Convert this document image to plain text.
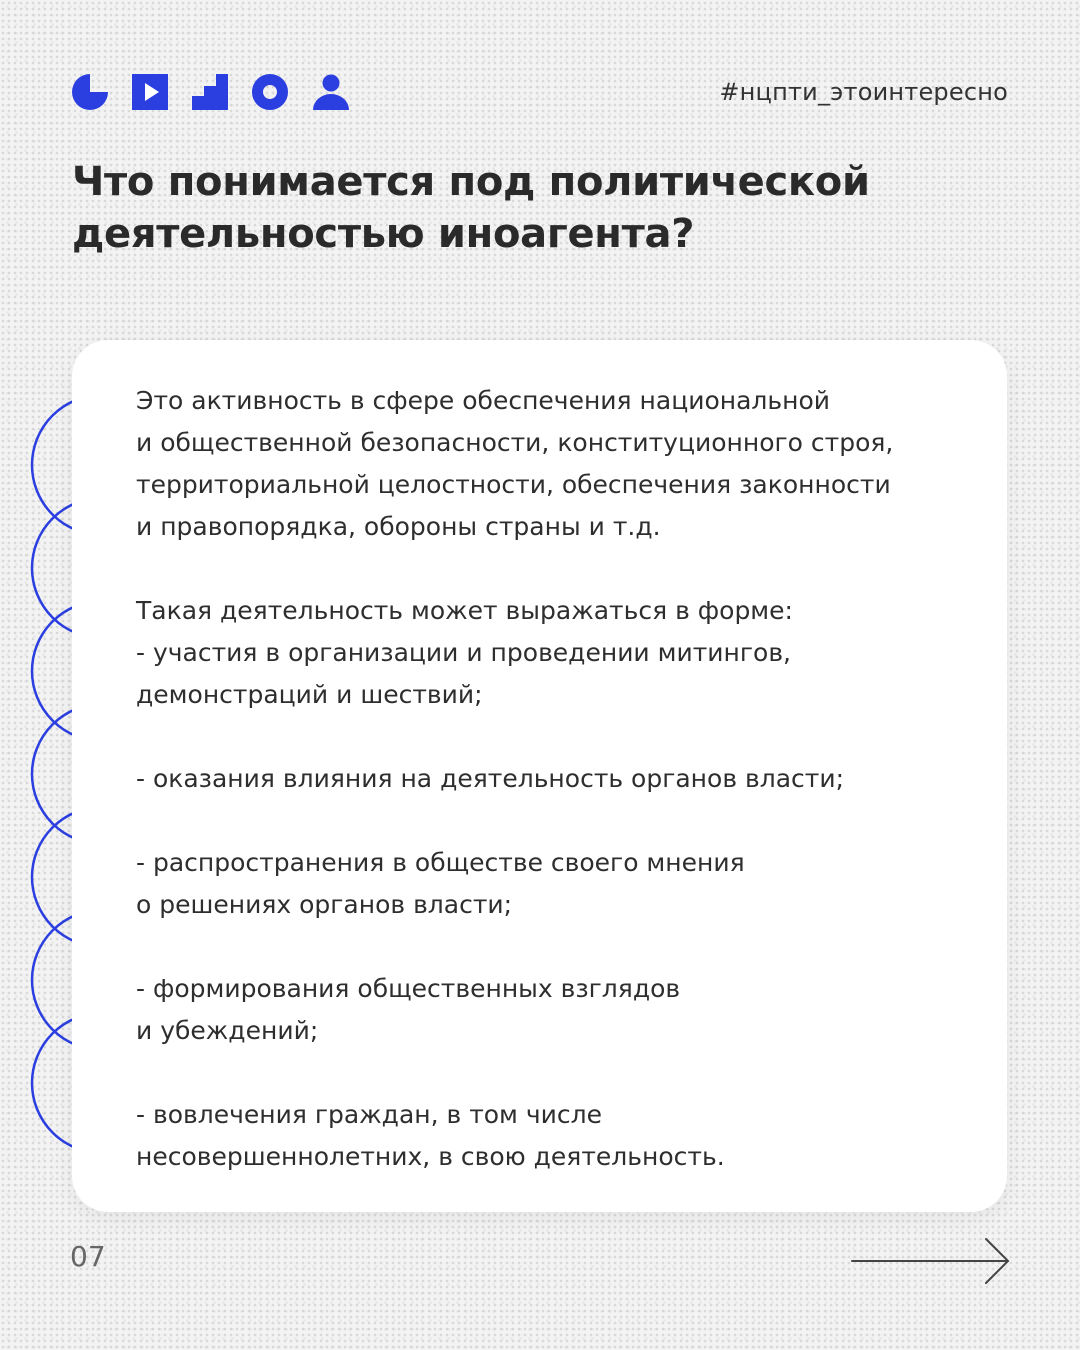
#нцпти_этоинтересно
Что понимается под политической деятельностью иноагента?

Это активность в сфере обеспечения национальной
и общественной безопасности, конституционного строя,
территориальной целостности, обеспечения законности
и правопорядка, обороны страны и т.д.

Такая деятельность может выражаться в форме:
- участия в организации и проведении митингов,
демонстраций и шествий;

- оказания влияния на деятельность органов власти;

- распространения в обществе своего мнения
о решениях органов власти;

- формирования общественных взглядов
и убеждений;

- вовлечения граждан, в том числе
несовершеннолетних, в свою деятельность.

07
